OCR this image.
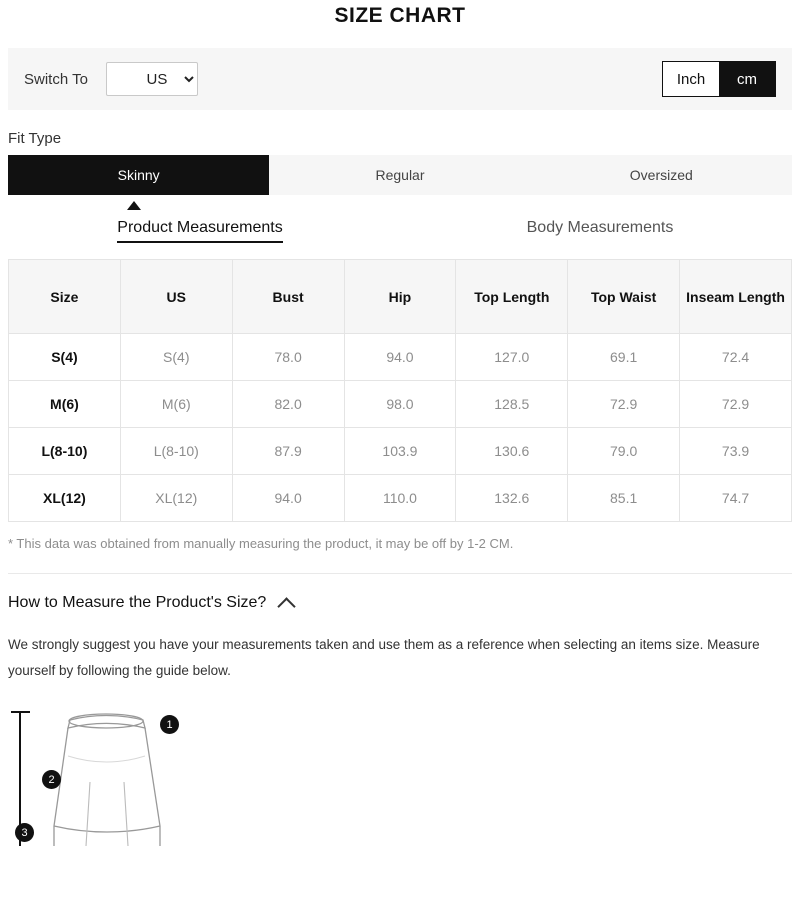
SIZE CHART
Switch To
US	Inch	cm
Fit Type
Skinny	Regular	Oversized
Product Measurements	Body Measurements
Size	US	Bust	Hip	Top Length	Top Waist	Inseam Length
S(4)	S(4)	78.0	94.0	127.0	69.1	72.4
M(6)	M(6)	82.0	98.0	128.5	72.9	72.9
L(8-10)	L(8-10)	87.9	103.9	130.6	79.0	73.9
XL(12)	XL(12)	94.0	110.0	132.6	85.1	74.7
* This data was obtained from manually measuring the product, it may be off by 1-2 CM.
How to Measure the Product's Size?
We strongly suggest you have your measurements taken and use them as a reference when selecting an items size. Measure yourself by following the guide below.
1
2
3
